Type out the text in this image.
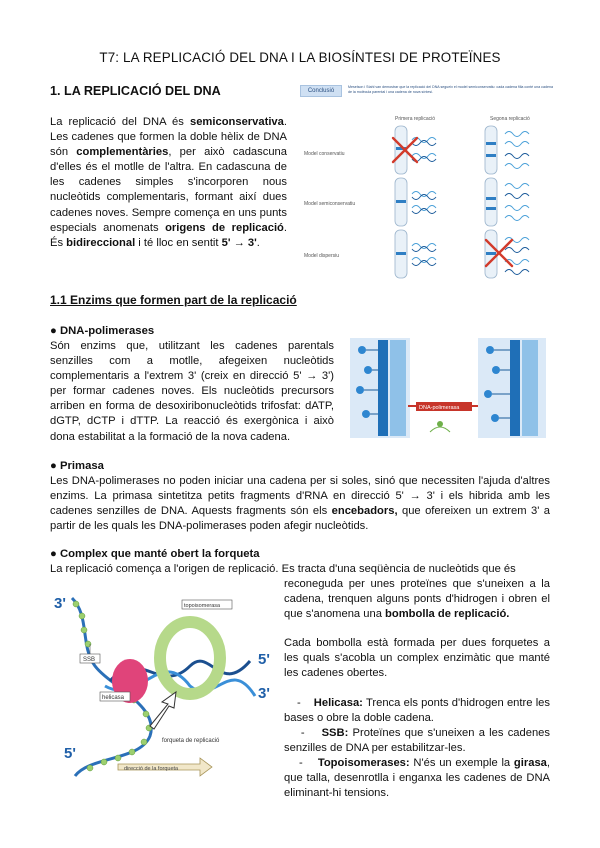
T7: LA REPLICACIÓ DEL DNA I LA BIOSÍNTESI DE PROTEÏNES
1. LA REPLICACIÓ DEL DNA
La replicació del DNA és semiconservativa. Les cadenes que formen la doble hèlix de DNA són complementàries, per això cadascuna d'elles és el motlle de l'altra. En cadascuna de les cadenes simples s'incorporen nous nucleòtids complementaris, formant així dues cadenes noves. Sempre comença en uns punts especials anomenats origens de replicació. És bidireccional i té lloc en sentit 5' → 3'.
Conclusió
Meselson i Stahl van demostrar que la replicació del DNA segueix el model semiconservatiu: cada cadena filla conté una cadena de la molècula parental i una cadena de nova síntesi.
Primera replicació	Segona replicació
Model conservatiu
Model semiconservatiu
Model dispersiu
1.1 Enzims que formen part de la replicació
● DNA-polimerases
Són enzims que, utilitzant les cadenes parentals senzilles com a motlle, afegeixen nucleòtids complementaris a l'extrem 3' (creix en direcció 5' → 3') per formar cadenes noves. Els nucleòtids precursors arriben en forma de desoxiribonucleòtids trifosfat: dATP, dGTP, dCTP i dTTP. La reacció és exergònica i això dona estabilitat a la formació de la nova cadena.
DNA-polimerasa
● Primasa
Les DNA-polimerases no poden iniciar una cadena per si soles, sinó que necessiten l'ajuda d'altres enzims. La primasa sintetitza petits fragments d'RNA en direcció 5' → 3' i els hibrida amb les cadenes senzilles de DNA. Aquests fragments són els encebadors, que ofereixen un extrem 3' a partir de les quals les DNA-polimerases poden afegir nucleòtids.
● Complex que manté obert la forqueta
La replicació comença a l'origen de replicació. Es tracta d'una seqüència de nucleòtids que és
3'
5'
3'
5'
SSB
helicasa
topoisomerasa
forqueta de replicació
direcció de la forqueta
reconeguda per unes proteïnes que s'uneixen a la cadena, trenquen alguns ponts d'hidrogen i obren el que s'anomena una bombolla de replicació.
Cada bombolla està formada per dues forquetes a les quals s'acobla un complex enzimàtic que manté les cadenes obertes.
-    Helicasa: Trenca els ponts d'hidrogen entre les bases o obre la doble cadena.
-    SSB: Proteïnes que s'uneixen a les cadenes senzilles de DNA per estabilitzar-les.
-    Topoisomerases: N'és un exemple la girasa, que talla, desenrotlla i enganxa les cadenes de DNA eliminant-hi tensions.
